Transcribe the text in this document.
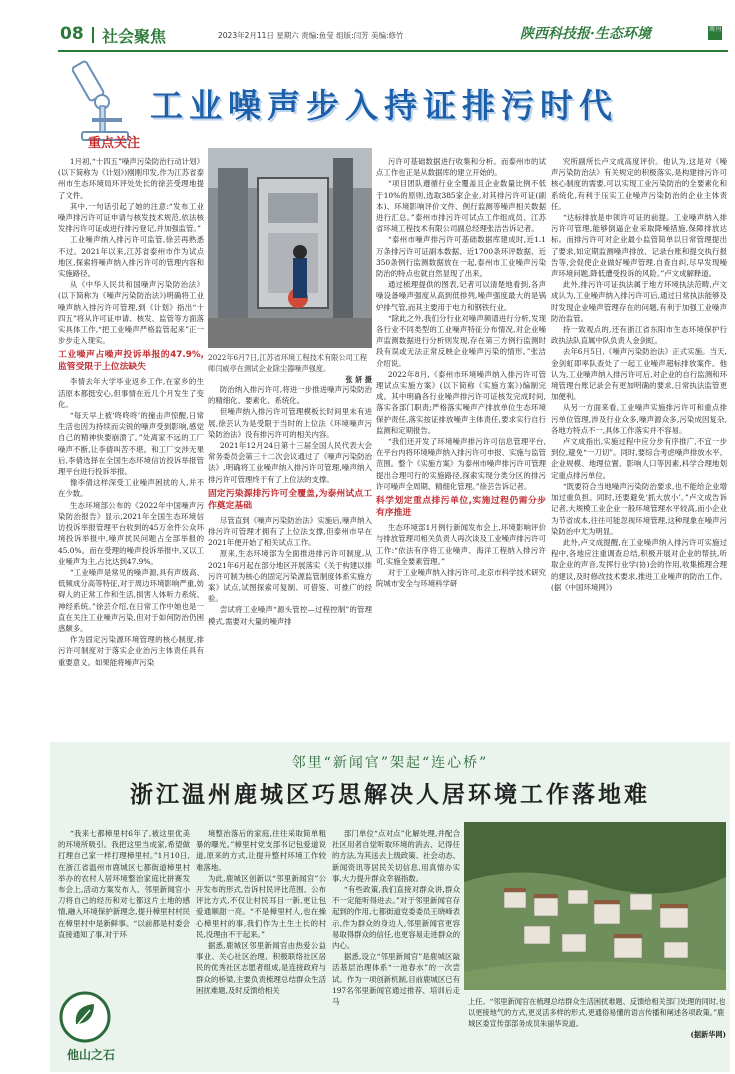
08 社会聚焦	2023年2月11日 星期六 责编:鱼莹 组版:闫芳 美编:修竹	陕西科技报·生态环境	周刊
工业噪声步入持证排污时代
重点关注

1月初,“十四五”噪声污染防治行动计划》(以下简称为《计划》)刚刚印发,作为江苏省泰州市生态环境局环评处处长的徐芸受理地提了文件。

其中,一句话引起了她的注意:“发布工业噪声排污许可证申请与核发技术规范,依法核发排污许可证或进行排污登记,并加强监管。”

工业噪声纳入排污许可监管,徐芸再熟悉不过。2021年以来,江苏省泰州市作为试点地区,探索将噪声纳入排污许可的管理内容和实施路径。

从《中华人民共和国噪声污染防治法》(以下简称为《噪声污染防治法》)明确将工业噪声纳入排污许可管理,到《计划》指出“十四五”将从许可证申请、核发、监管等方面落实具体工作,“把工业噪声严格监管起来”正一步步走入现实。

工业噪声占噪声投诉举报的47.9%,监管受限于上位法缺失

李情去年大学毕业返乡工作,在家乡的生活原本都挺安心,但事情在近几个月发生了变化。

“每天早上被‘咚咚咚’的撞击声惊醒,日常生活也因为持续而尖锐的噪声受到影响,感觉自己的精神快要崩溃了。”处离家不远的工厂噪声不断,让李倩叫苦不堪。和工厂交涉无果后,李倩选择在全国生态环境信访投诉举报管理平台进行投诉举报。

像李倩这样深受工业噪声困扰的人,并不在少数。

生态环境部公布的《2022年中国噪声污染防治报告》显示,2021年全国生态环境信访投诉举报管理平台收到的45万余件公众环境投诉举报中,噪声扰民问题占全部举报的45.0%。而在受理的噪声投诉举报中,又以工业噪声为主,占比达到47.9%。

“工业噪声是常见的噪声源,具有声级高、低频成分高等特征,对于周边环境影响严重,妨碍人的正常工作和生活,损害人体听力系统、神经系统。”徐芸介绍,在日常工作中她也是一直在关注工业噪声污染,但对于如何防治仍困惑颇多。

作为固定污染源环境管理的核心制度,排污许可制度对于落实企业治污主体责任具有重要意义。如果能将噪声污染

2022年6月7日,江苏省环境工程技术有限公司工程师闫威亭在测试企业除尘器噪声强度。
张 妍 摄

防治纳入排污许可,将进一步推进噪声污染防治的精细化、要素化、系统化。

但噪声纳入排污许可管理模板长时间里未有进展,徐芸认为是受限于当时的上位法《环境噪声污染防治法》没有排污许可的相关内容。

2021年12月24日第十三届全国人民代表大会常务委员会第三十二次会议通过了《噪声污染防治法》,明确将工业噪声纳入排污许可管理,噪声纳入排污许可管理终于有了上位法的支撑。

固定污染源排污许可全覆盖,为泰州试点工作奠定基础

尽管直到《噪声污染防治法》实施后,噪声纳入排污许可管理才拥有了上位法支撑,但泰州市早在2021年便开始了相关试点工作。

原来,生态环境部为全面推进排污许可制度,从2021年6月起在部分地区开展落实《关于构建以排污许可制为核心的固定污染源监管制度体系实施方案》试点,试图探索可复制、可借鉴、可推广的经验。

尝试将工业噪声“源头管控—过程控制”的管理模式,需要对大量的噪声排

污许可基础数据进行收集和分析。而泰州市的试点工作也正是从数据库的建立开始的。

“项目团队遵循行业全覆盖且企业数量比例不低于10%的原则,选取385家企业,对其排污许可证(副本)、环境影响评价文件、例行监测等噪声相关数据进行汇总。”泰州市排污许可试点工作组成员、江苏省环境工程技术有限公司副总经理张洁告诉记者。

“泰州市噪声排污许可基础数据库建成时,近1.1万条排污许可证副本数据、近1700条环评数据、近350条例行监测数据放在一起,泰州市工业噪声污染防治的特点也就自然显现了出来。

通过梳理提供的图表,记者可以清楚地看到,各声噪设备噪声强度从高到低排列,噪声强度最大的是锅炉排气管,而其主要用于电力和钢铁行业。

“除此之外,我们分行业对噪声频谱进行分析,发现各行业不同类型的工业噪声特征分布情况,对企业噪声监测数据进行分析则发现,存在第三方例行监测时段有误或无法正常反映企业噪声污染的情形。”张洁介绍说。

2022年8月,《泰州市环境噪声纳入排污许可管理试点实施方案》(以下简称《实施方案》)编制完成。其中明确各行业噪声排污许可证核发完成时间,落实各部门职责;严格落实噪声产排放单位生态环境保护责任,落实按证排放噪声主体责任,要求实行自行监测和定期报告。

“我们还开发了环境噪声排污许可信息管理平台,在平台内将环境噪声纳入排污许可申报、实施与监管范围。整个《实施方案》为泰州市噪声排污许可管理提出合理可行的实施路径,探索实现分类分区的排污许可噪声全周期、精细化管理。”徐芸告诉记者。

科学划定重点排污单位,实施过程仍需分步有序推进

生态环境部1月例行新闻发布会上,环境影响评价与排放管理司相关负责人再次谈及工业噪声排污许可工作:“依法有序将工业噪声、海洋工程纳入排污许可,实施全要素管理。”

对于工业噪声纳入排污许可,北京市科学技术研究院城市安全与环境科学研

究所副所长卢文成高度评价。他认为,这是对《噪声污染防治法》有关规定的积极落实,是构建排污许可核心制度的需要,可以实现工业污染防治的全要素化和系统化,有利于压实工业噪声污染防治的企业主体责任。

“达标排放是申领许可证的前提。工业噪声纳入排污许可管理,能够倒逼企业采取降噪措施,保障排放达标。而排污许可对企业最小监管简单以日常管理提出了要求,如定期监测噪声排放、记录台账和提交执行报告等,会促使企业做好噪声管理,自查自纠,尽早发现噪声环境问题,降低遭受投诉的风险。”卢文成解释道。

此外,排污许可证执法属于地方环境执法范畴,卢文成认为,工业噪声纳入排污许可后,通过日常执法能够及时发现企业噪声管理存在的问题,有利于加强工业噪声防治监管。

持一致观点的,还有浙江省东阳市生态环境保护行政执法队直属中队负责人金剑虹。

去年6月5日,《噪声污染防治法》正式实施。当天,金剑虹即率队查处了一起工业噪声超标排放案件。他认为,工业噪声纳入排污许可后,对企业的自行监测和环境管理台账记录会有更加明确的要求,日常执法监管更加便利。

从另一方面来看,工业噪声实施排污许可和重点排污单位管理,涉及行业众多,噪声源众多,污染成因复杂,各地方特点不一,具体工作落实并不容易。

卢文成指出,实施过程中应分步有序推广,不宜一步到位,避免“一刀切”。同时,要综合考虑噪声排放水平、企业规模、地理位置、影响人口等因素,科学合理地划定重点排污单位。

“既要符合当地噪声污染防治要求,也不能给企业增加过重负担。同时,还要避免‘抓大放小’。”卢文成告诉记者,大规模工业企业一般环境管理水平较高,而小企业为节省成本,往往可能忽视环境管理,这种现象在噪声污染防治中尤为明显。

此外,卢文成提醒,在工业噪声纳入排污许可实施过程中,各地应注重调查总结,积极开展对企业的帮扶,听取企业的声音,发挥行业学(协)会的作用,收集梳理合理的建议,及时修改技术要求,推进工业噪声的防治工作。(据《中国环境网》)

邻里“新闻官”架起“连心桥”
浙江温州鹿城区巧思解决人居环境工作落地难

“我来七都樟里村6年了,被这里优美的环境所吸引。我把这里当成家,希望做打理自己家一样打理樟里村。”1月10日,在浙江省温州市鹿城区七都街道樟里村举办的农村人居环境整治家庭比拼赛发布会上,活动方案发布人、邻里新闻官小刀将自己的经历和对七都这片土地的感情,融入环境保护新理念,提升樟里村村民在樟里村中是新鲜事。“以前都是村委会直接通知了事,对于环

境整治落后的家庭,往往采取简单粗暴的曝光。”樟里村党支部书记包爱道说道,原来的方式,让提升整村环境工作较难落地。

为此,鹿城区创新以“邻里新闻官”公开发布的形式,告诉村民评比范围、公布评比方式,不仅让村民耳目一新,更让包爱通顺甜一亮。“不是樟里村人,也在操心樟里村的事,我们作为土生土长的村民,没理由不干起来。”

据悉,鹿城区邻里新闻官由热爱公益事业、关心社区治理、积极联络社区居民的优秀社区志愿者组成,是连接政府与群众的桥梁,主要负责梳理总结群众生活困扰难题,及时反馈给相关

部门单位“点对点”化解处理,并配合社区用者自觉听取环境的消去、记得任的方法,为其送去上级政策、社会动态、新闻资讯等居民关切信息,用真情办实事,大力提升群众幸福指数。

“有些政策,我们直接对群众讲,群众不一定能听得进去。”对于邻里新闻官存起到的作用,七都街道党委委员王晓峰表示,作为群众的身边人,邻里新闻官更容易取得群众的信任,也更容易走进群众的内心。

据悉,设立“邻里新闻官”是鹿城区敲活基层治理体系“一池春水”的一次尝试。作为一项创新机制,目前鹿城区已有197名邻里新闻官通过推荐、培训后走马	上任。“邻里新闻官在梳理总结群众生活困扰难题、反馈给相关部门处理的同时,也以更接地气的方式,更灵活多样的形式,更通俗易懂的语言传播和阐述各项政策。”鹿城区委宣传部部务成员朱丽华说道。
(据新华网)
他山之石
